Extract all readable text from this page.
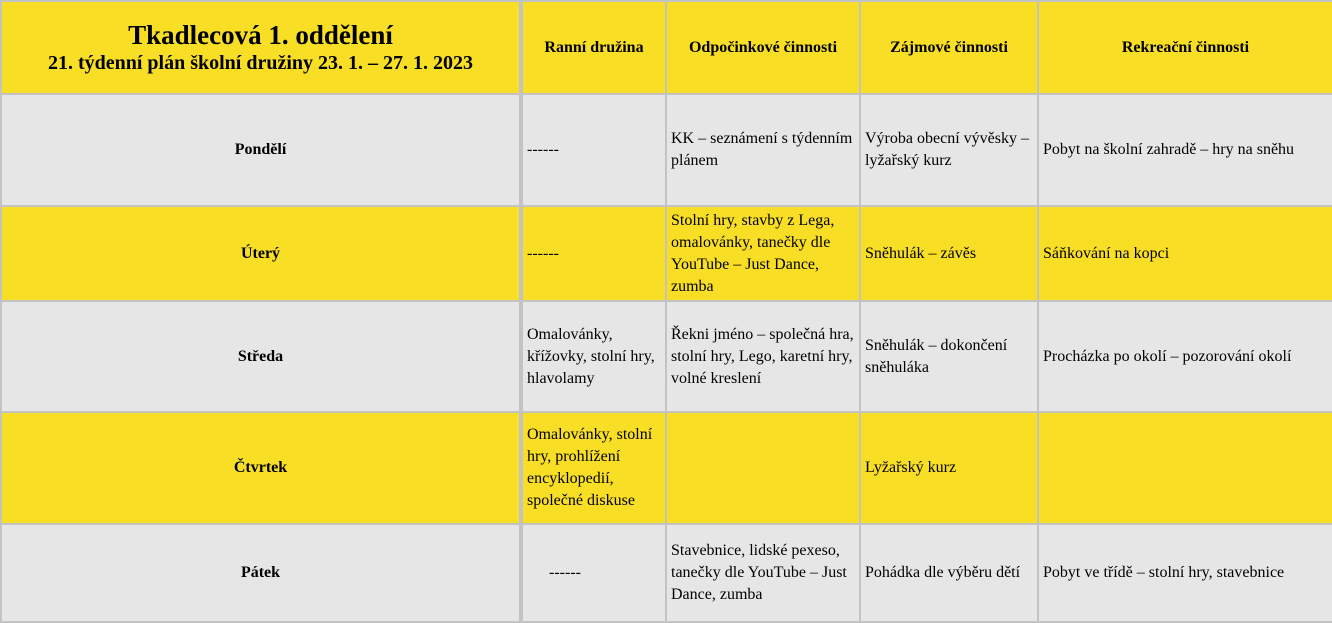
Tkadlecová 1. oddělení
21. týdenní plán školní družiny 23. 1. – 27. 1. 2023	Ranní družina	Odpočinkové činnosti	Zájmové činnosti	Rekreační činnosti
Pondělí	------	KK – seznámení s týdenním plánem	Výroba obecní vývěsky – lyžařský kurz	Pobyt na školní zahradě – hry na sněhu
Úterý	------	Stolní hry, stavby z Lega, omalovánky, tanečky dle YouTube – Just Dance, zumba	Sněhulák – závěs	Sáňkování na kopci
Středa	Omalovánky, křížovky, stolní hry, hlavolamy	Řekni jméno – společná hra, stolní hry, Lego, karetní hry, volné kreslení	Sněhulák – dokončení sněhuláka	Procházka po okolí – pozorování okolí
Čtvrtek	Omalovánky, stolní hry, prohlížení encyklopedií, společné diskuse		Lyžařský kurz	
Pátek	------	Stavebnice, lidské pexeso, tanečky dle YouTube – Just Dance, zumba	Pohádka dle výběru dětí	Pobyt ve třídě – stolní hry, stavebnice
